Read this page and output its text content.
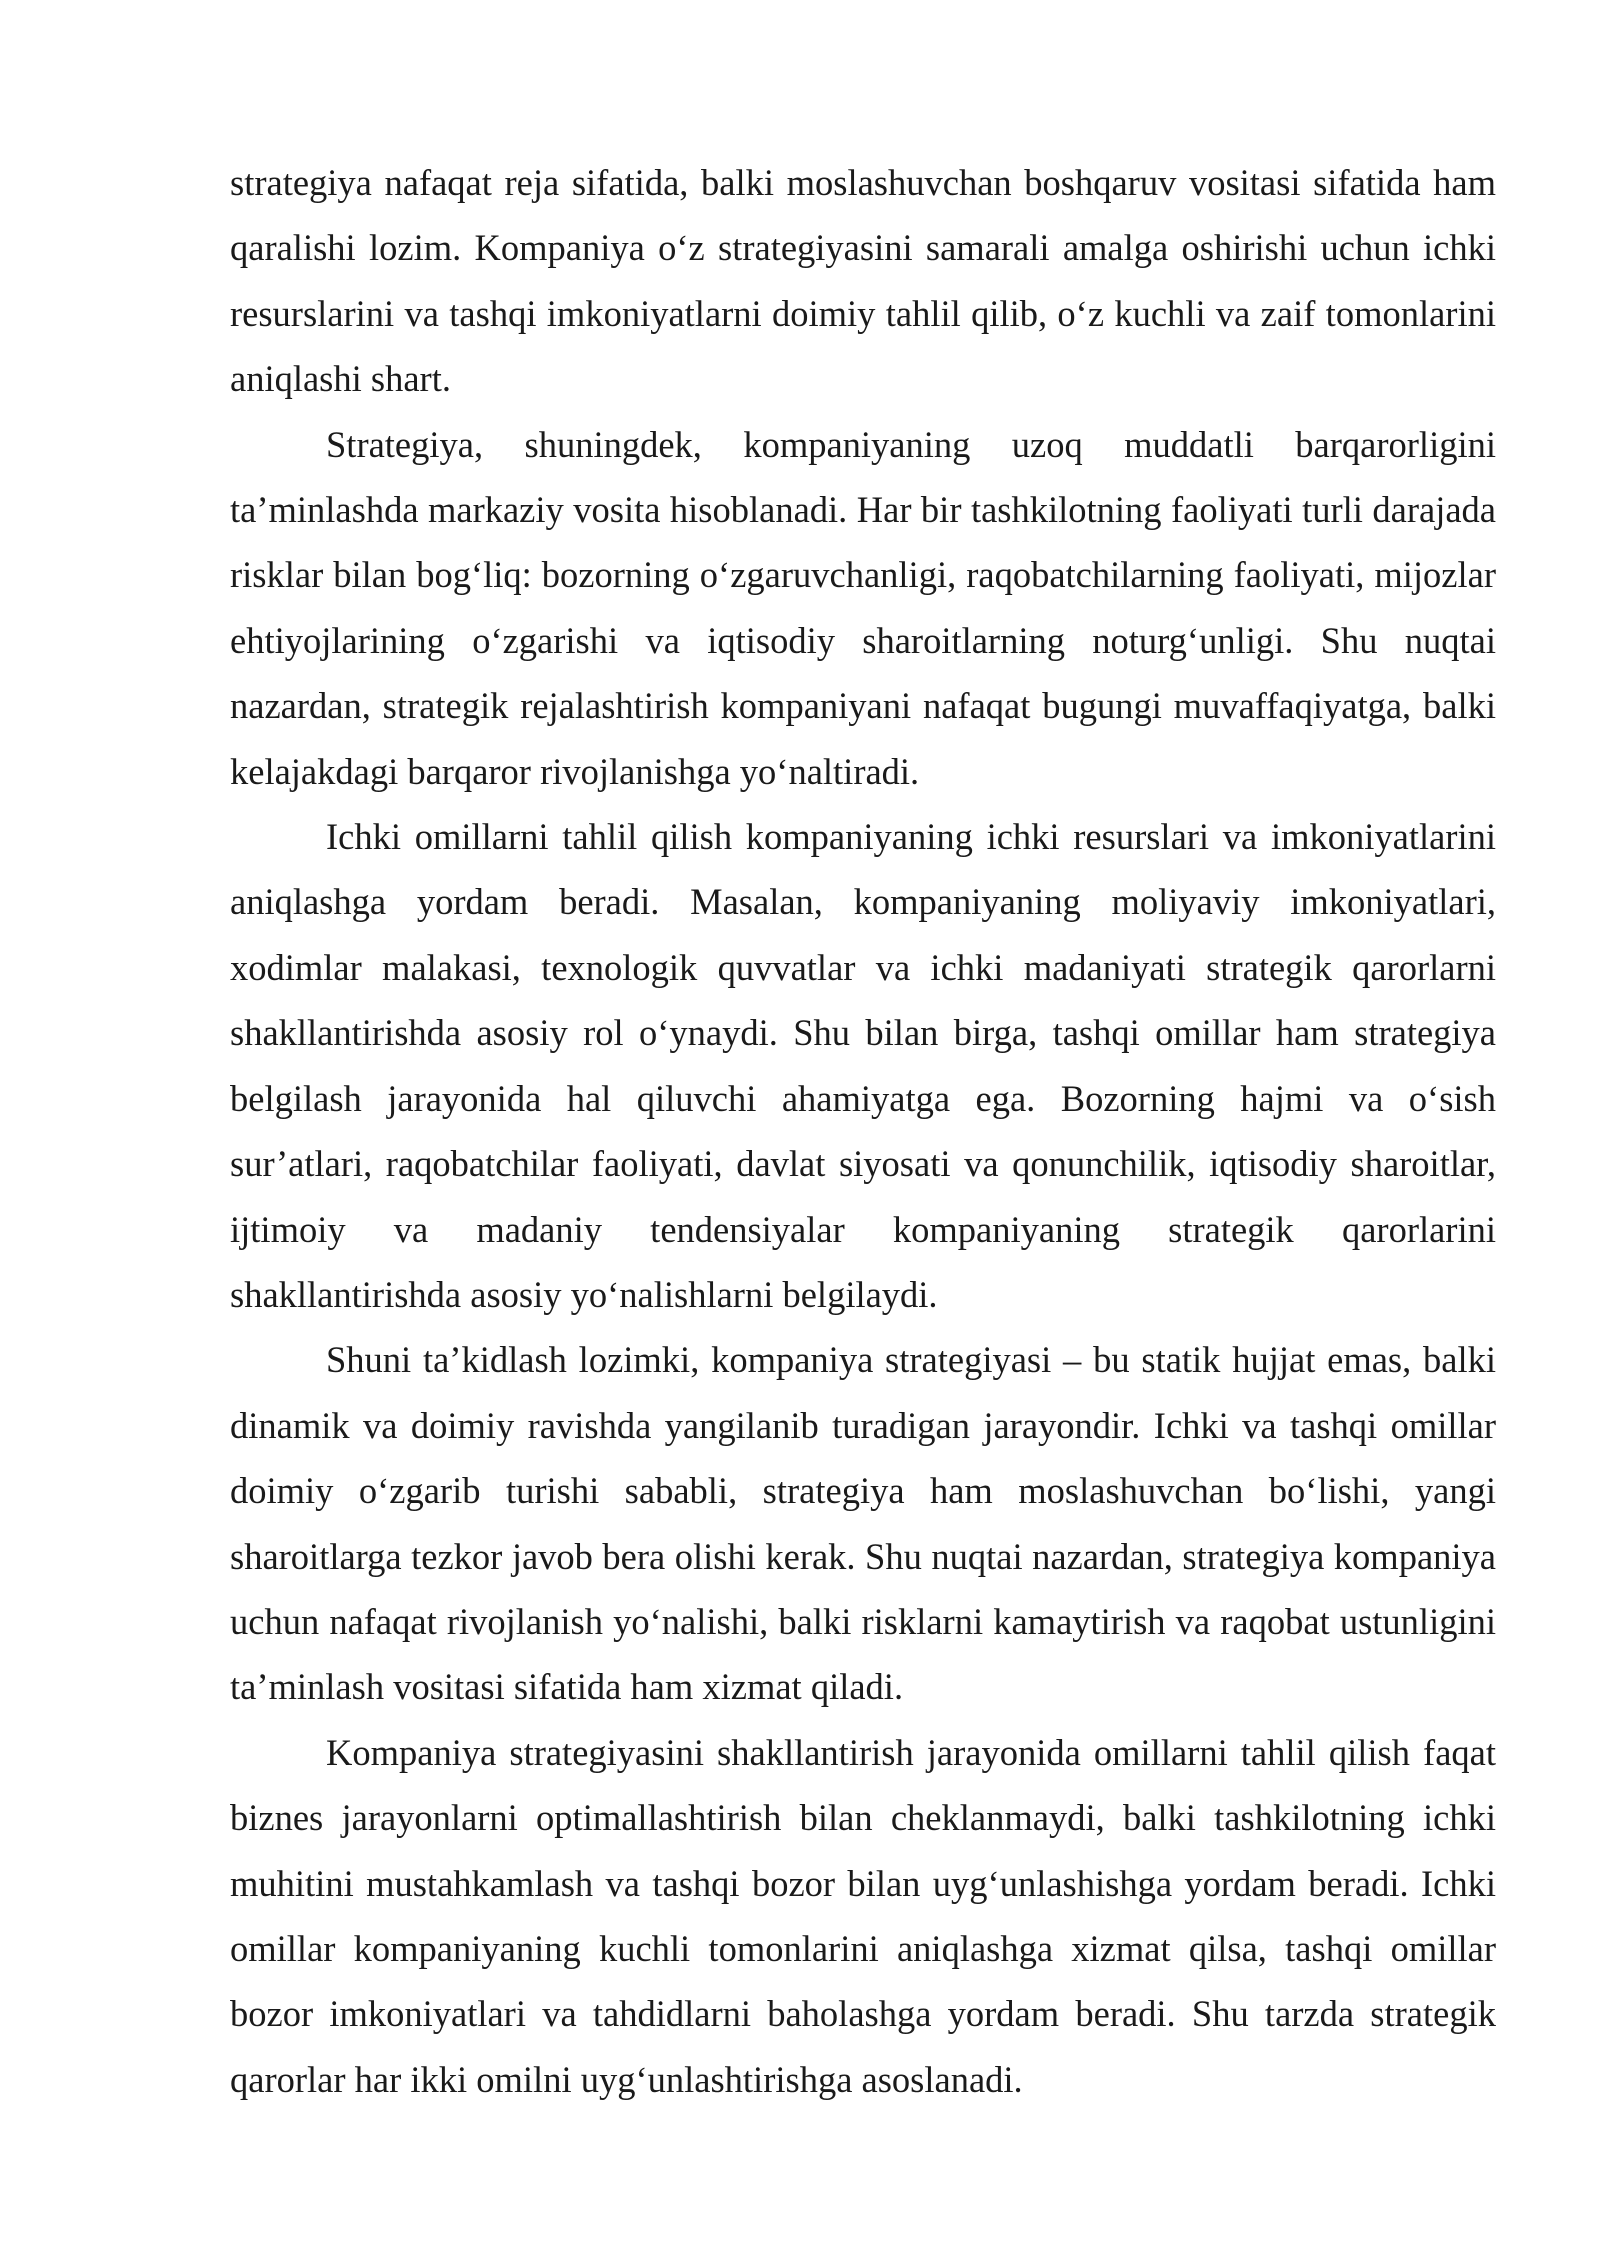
strategiya nafaqat reja sifatida, balki moslashuvchan boshqaruv vositasi sifatida ham qaralishi lozim. Kompaniya o‘z strategiyasini samarali amalga oshirishi uchun ichki resurslarini va tashqi imkoniyatlarni doimiy tahlil qilib, o‘z kuchli va zaif tomonlarini aniqlashi shart.

Strategiya, shuningdek, kompaniyaning uzoq muddatli barqarorligini ta’minlashda markaziy vosita hisoblanadi. Har bir tashkilotning faoliyati turli darajada risklar bilan bog‘liq: bozorning o‘zgaruvchanligi, raqobatchilarning faoliyati, mijozlar ehtiyojlarining o‘zgarishi va iqtisodiy sharoitlarning noturg‘unligi. Shu nuqtai nazardan, strategik rejalashtirish kompaniyani nafaqat bugungi muvaffaqiyatga, balki kelajakdagi barqaror rivojlanishga yo‘naltiradi.

Ichki omillarni tahlil qilish kompaniyaning ichki resurslari va imkoniyatlarini aniqlashga yordam beradi. Masalan, kompaniyaning moliyaviy imkoniyatlari, xodimlar malakasi, texnologik quvvatlar va ichki madaniyati strategik qarorlarni shakllantirishda asosiy rol o‘ynaydi. Shu bilan birga, tashqi omillar ham strategiya belgilash jarayonida hal qiluvchi ahamiyatga ega. Bozorning hajmi va o‘sish sur’atlari, raqobatchilar faoliyati, davlat siyosati va qonunchilik, iqtisodiy sharoitlar, ijtimoiy va madaniy tendensiyalar kompaniyaning strategik qarorlarini shakllantirishda asosiy yo‘nalishlarni belgilaydi.

Shuni ta’kidlash lozimki, kompaniya strategiyasi – bu statik hujjat emas, balki dinamik va doimiy ravishda yangilanib turadigan jarayondir. Ichki va tashqi omillar doimiy o‘zgarib turishi sababli, strategiya ham moslashuvchan bo‘lishi, yangi sharoitlarga tezkor javob bera olishi kerak. Shu nuqtai nazardan, strategiya kompaniya uchun nafaqat rivojlanish yo‘nalishi, balki risklarni kamaytirish va raqobat ustunligini ta’minlash vositasi sifatida ham xizmat qiladi.

Kompaniya strategiyasini shakllantirish jarayonida omillarni tahlil qilish faqat biznes jarayonlarni optimallashtirish bilan cheklanmaydi, balki tashkilotning ichki muhitini mustahkamlash va tashqi bozor bilan uyg‘unlashishga yordam beradi. Ichki omillar kompaniyaning kuchli tomonlarini aniqlashga xizmat qilsa, tashqi omillar bozor imkoniyatlari va tahdidlarni baholashga yordam beradi. Shu tarzda strategik qarorlar har ikki omilni uyg‘unlashtirishga asoslanadi.
